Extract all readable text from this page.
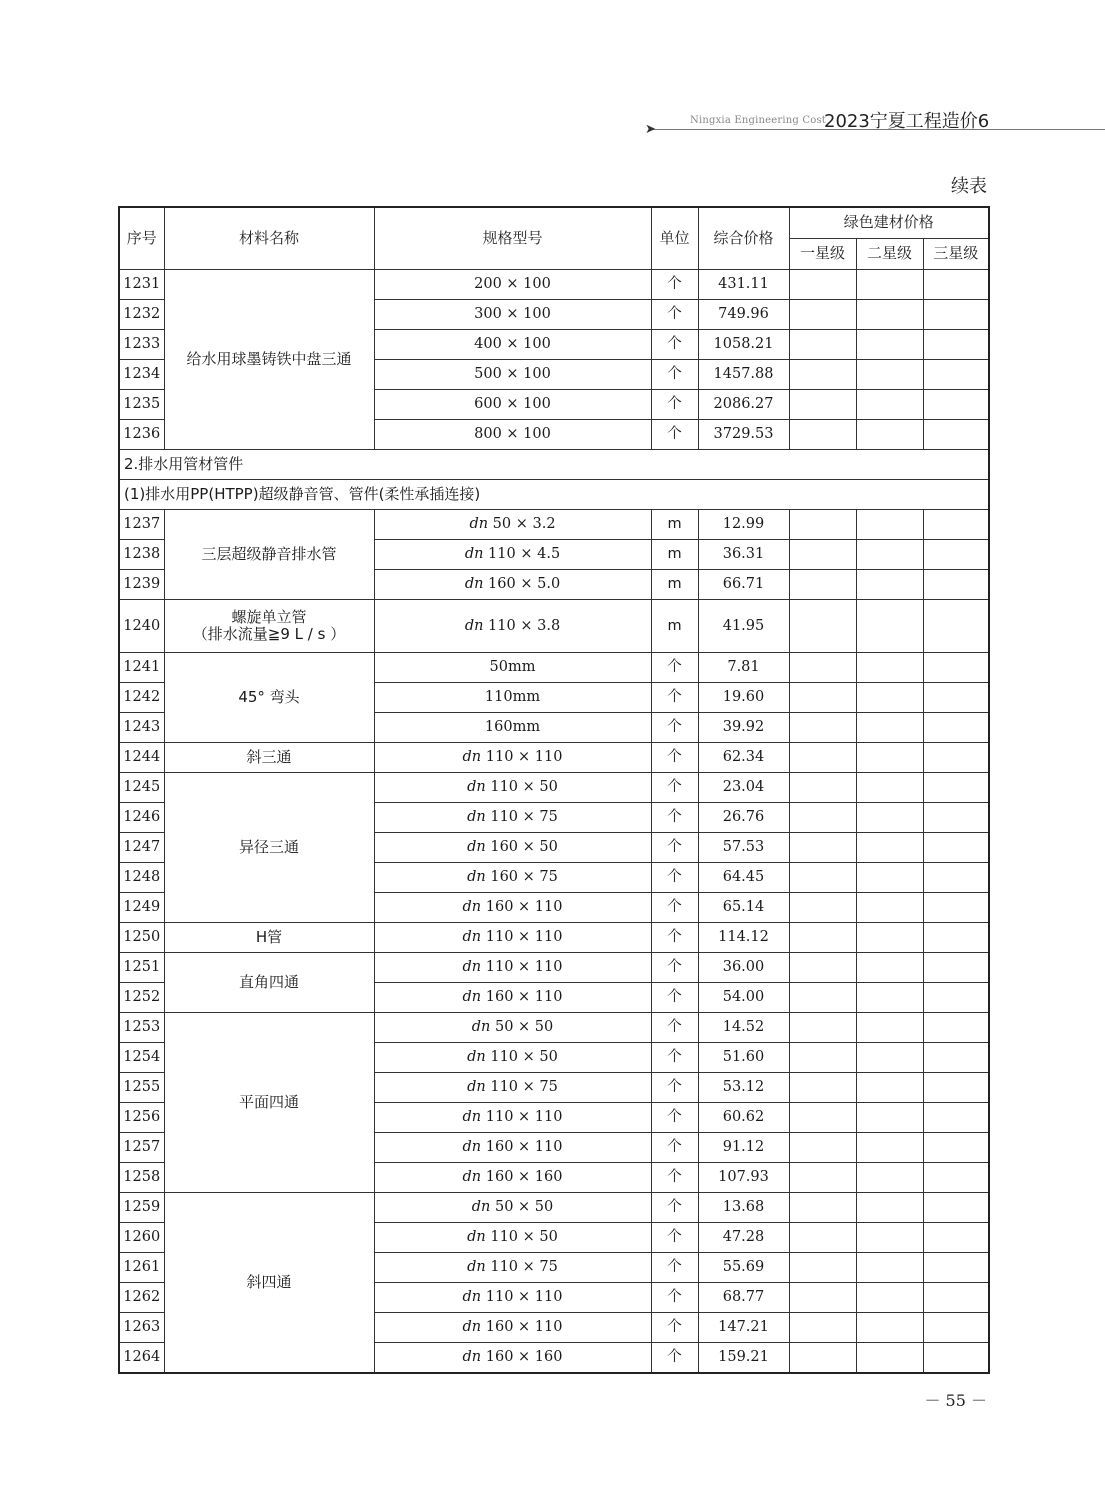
➤
Ningxia Engineering Cost
2023宁夏工程造价6
续表
序号	材料名称	规格型号	单位	综合价格	绿色建材价格		
					一星级	二星级	三星级
1231	给水用球墨铸铁中盘三通	200 × 100	个	431.11			
1232		300 × 100	个	749.96			
1233		400 × 100	个	1058.21			
1234		500 × 100	个	1457.88			
1235		600 × 100	个	2086.27			
1236		800 × 100	个	3729.53			
2.排水用管材管件							
(1)排水用PP(HTPP)超级静音管、管件(柔性承插连接)							
1237	三层超级静音排水管	dn 50 × 3.2	m	12.99			
1238		dn 110 × 4.5	m	36.31			
1239		dn 160 × 5.0	m	66.71			
1240	螺旋单立管
（排水流量≧9 L / s ）	dn 110 × 3.8	m	41.95			
1241	45° 弯头	50mm	个	7.81			
1242		110mm	个	19.60			
1243		160mm	个	39.92			
1244	斜三通	dn 110 × 110	个	62.34			
1245	异径三通	dn 110 × 50	个	23.04			
1246		dn 110 × 75	个	26.76			
1247		dn 160 × 50	个	57.53			
1248		dn 160 × 75	个	64.45			
1249		dn 160 × 110	个	65.14			
1250	H管	dn 110 × 110	个	114.12			
1251	直角四通	dn 110 × 110	个	36.00			
1252		dn 160 × 110	个	54.00			
1253	平面四通	dn 50 × 50	个	14.52			
1254		dn 110 × 50	个	51.60			
1255		dn 110 × 75	个	53.12			
1256		dn 110 × 110	个	60.62			
1257		dn 160 × 110	个	91.12			
1258		dn 160 × 160	个	107.93			
1259	斜四通	dn 50 × 50	个	13.68			
1260		dn 110 × 50	个	47.28			
1261		dn 110 × 75	个	55.69			
1262		dn 110 × 110	个	68.77			
1263		dn 160 × 110	个	147.21			
1264		dn 160 × 160	个	159.21			
－ 55 －
